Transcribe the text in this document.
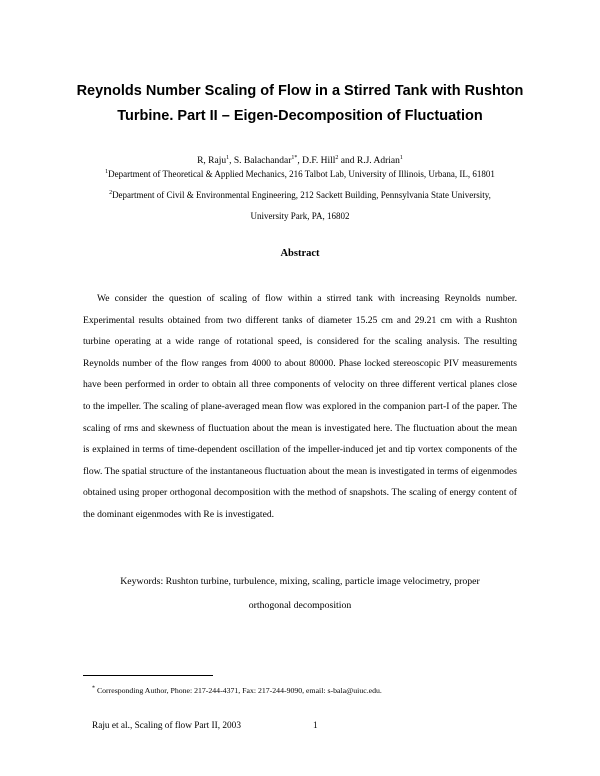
Reynolds Number Scaling of Flow in a Stirred Tank with Rushton
Turbine. Part II – Eigen-Decomposition of Fluctuation
R, Raju$^1$, S. Balachandar$^{1*}$, D.F. Hill$^2$ and R.J. Adrian$^1$
$^1$Department of Theoretical & Applied Mechanics, 216 Talbot Lab, University of Illinois, Urbana, IL, 61801
$^2$Department of Civil & Environmental Engineering, 212 Sackett Building, Pennsylvania State University,
University Park, PA, 16802
Abstract

We consider the question of scaling of flow within a stirred tank with increasing Reynolds number. Experimental results obtained from two different tanks of diameter 15.25 cm and 29.21 cm with a Rushton turbine operating at a wide range of rotational speed, is considered for the scaling analysis. The resulting Reynolds number of the flow ranges from 4000 to about 80000. Phase locked stereoscopic PIV measurements have been performed in order to obtain all three components of velocity on three different vertical planes close to the impeller. The scaling of plane-averaged mean flow was explored in the companion part-I of the paper. The scaling of rms and skewness of fluctuation about the mean is investigated here. The fluctuation about the mean is explained in terms of time-dependent oscillation of the impeller-induced jet and tip vortex components of the flow. The spatial structure of the instantaneous fluctuation about the mean is investigated in terms of eigenmodes obtained using proper orthogonal decomposition with the method of snapshots. The scaling of energy content of the dominant eigenmodes with Re is investigated.

Keywords: Rushton turbine, turbulence, mixing, scaling, particle image velocimetry, proper
orthogonal decomposition
* Corresponding Author, Phone: 217-244-4371, Fax: 217-244-9090, email: s-bala@uiuc.edu.
Raju et al., Scaling of flow Part II, 2003	1
